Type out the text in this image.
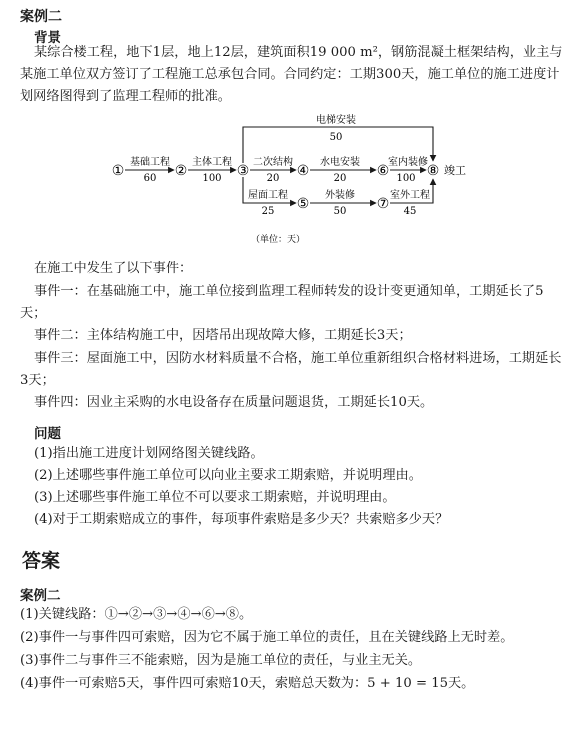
案例二
背景
某综合楼工程，地下1层，地上12层，建筑面积19 000 m²，钢筋混凝土框架结构，业主与某施工单位双方签订了工程施工总承包合同。合同约定：工期300天，施工单位的施工进度计划网络图得到了监理工程师的批准。
①	②	③	④
⑤
⑥
⑦
⑧ 竣工
基础工程
60
主体工程
100
电梯安装
50
二次结构
20
水电安装
20
室内装修
100
屋面工程
25
外装修
50
室外工程
45
（单位：天）
在施工中发生了以下事件：
事件一：在基础施工中，施工单位接到监理工程师转发的设计变更通知单，工期延长了5天；
事件二：主体结构施工中，因塔吊出现故障大修，工期延长3天；
事件三：屋面施工中，因防水材料质量不合格，施工单位重新组织合格材料进场，工期延长3天；
事件四：因业主采购的水电设备存在质量问题退货，工期延长10天。
问题
(1)指出施工进度计划网络图关键线路。
(2)上述哪些事件施工单位可以向业主要求工期索赔，并说明理由。
(3)上述哪些事件施工单位不可以要求工期索赔，并说明理由。
(4)对于工期索赔成立的事件，每项事件索赔是多少天？共索赔多少天？
答案
案例二
(1)关键线路：①→②→③→④→⑥→⑧。
(2)事件一与事件四可索赔，因为它不属于施工单位的责任，且在关键线路上无时差。
(3)事件二与事件三不能索赔，因为是施工单位的责任，与业主无关。
(4)事件一可索赔5天，事件四可索赔10天，索赔总天数为：5 + 10 = 15天。
